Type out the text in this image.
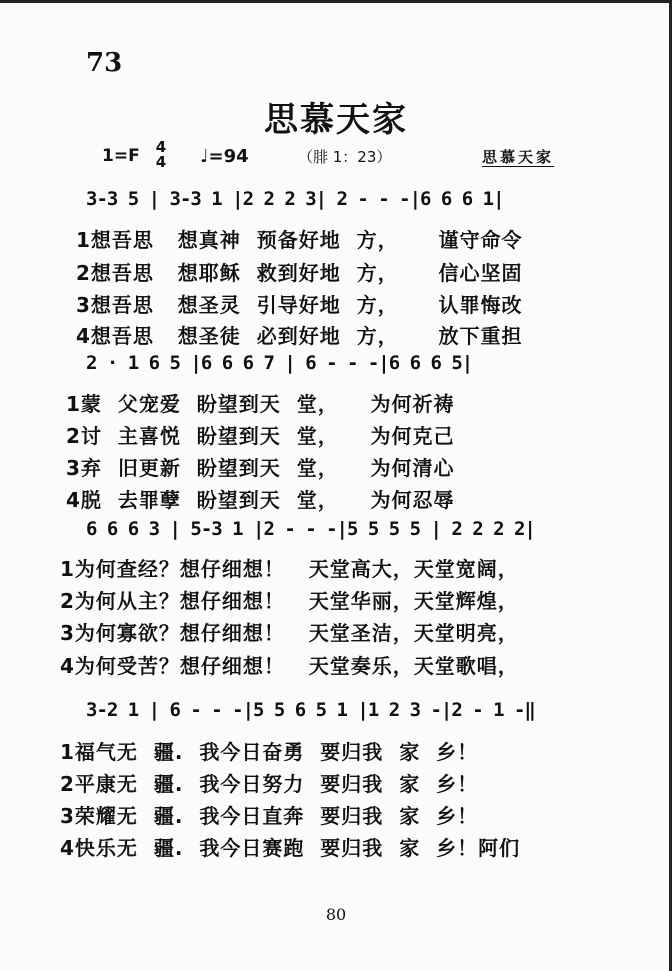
73
思慕天家
1=F 4
4 ♩=94	（腓 1：23）	思慕天家
3-3 5 | 3-3 1 |2 2 2 3| 2 - - -|6 6 6 1|
1想吾思   想真神  预备好地  方，     谨守命令
2想吾思   想耶稣  救到好地  方，     信心坚固
3想吾思   想圣灵  引导好地  方，     认罪悔改
4想吾思   想圣徒  必到好地  方，     放下重担
2 · 1 6 5 |6 6 6 7 | 6 - - -|6 6 6 5|
1蒙  父宠爱  盼望到天  堂，    为何祈祷
2讨  主喜悦  盼望到天  堂，    为何克己
3弃  旧更新  盼望到天  堂，    为何清心
4脱  去罪孽  盼望到天  堂，    为何忍辱
6 6 6 3 | 5-3 1 |2 - - -|5 5 5 5 | 2 2 2 2|
1为何查经？想仔细想！   天堂高大，天堂宽阔，
2为何从主？想仔细想！   天堂华丽，天堂辉煌，
3为何寡欲？想仔细想！   天堂圣洁，天堂明亮，
4为何受苦？想仔细想！   天堂奏乐，天堂歌唱，
3-2 1 | 6 - - -|5 5 6 5 1 |1 2 3 -|2 - 1 -‖
1福气无  疆.  我今日奋勇  要归我  家  乡！
2平康无  疆.  我今日努力  要归我  家  乡！
3荣耀无  疆.  我今日直奔  要归我  家  乡！
4快乐无  疆.  我今日赛跑  要归我  家  乡！阿们
80
